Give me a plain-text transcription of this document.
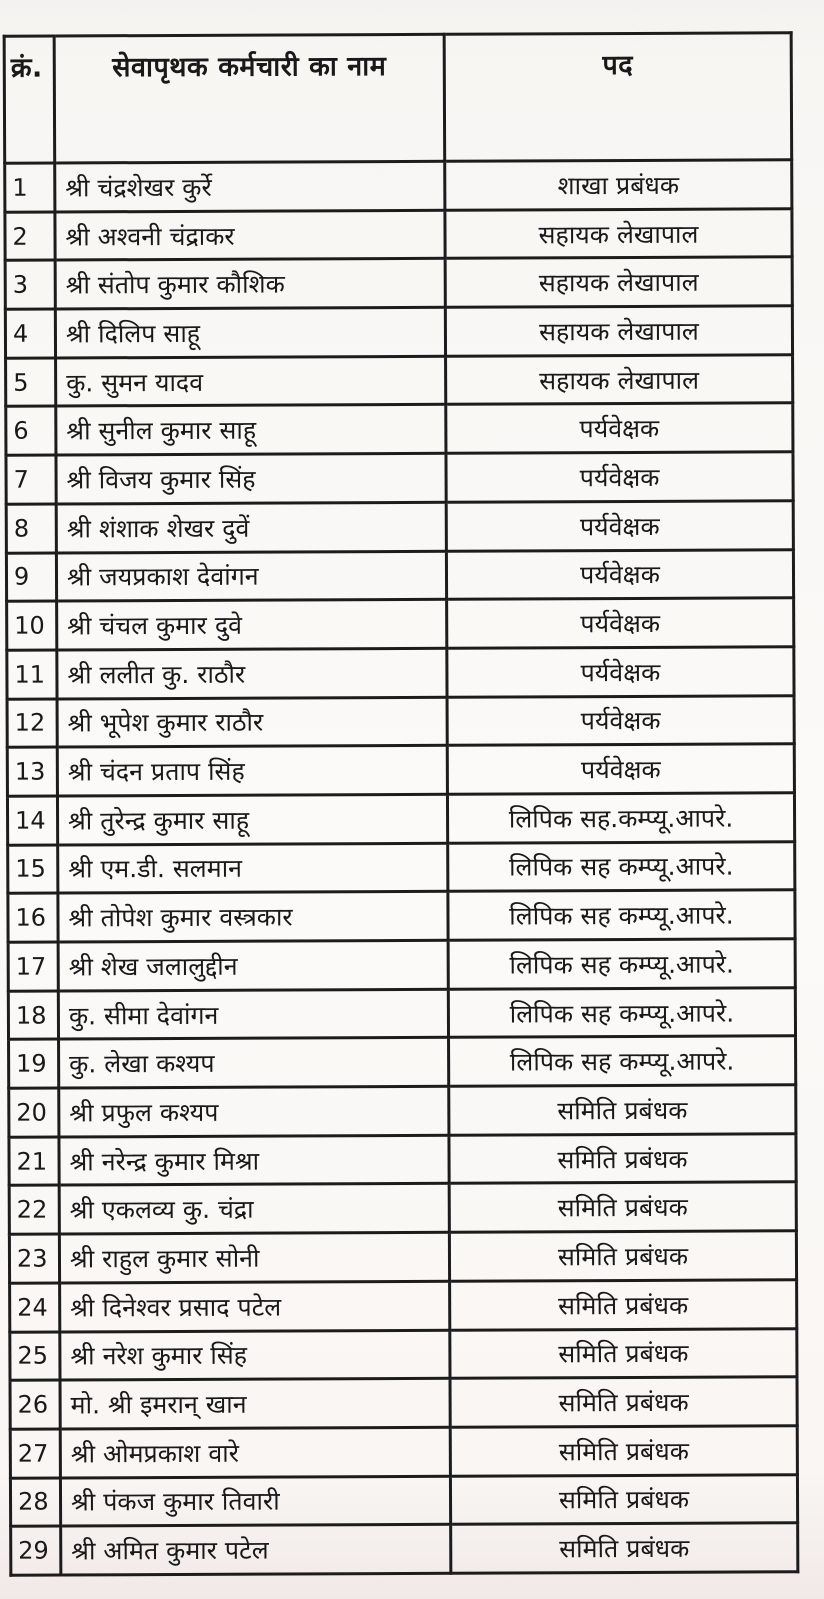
क्रं.	सेवापृथक कर्मचारी का नाम	पद
1	श्री चंद्रशेखर कुर्रे	शाखा प्रबंधक
2	श्री अश्वनी चंद्राकर	सहायक लेखापाल
3	श्री संतोप कुमार कौशिक	सहायक लेखापाल
4	श्री दिलिप साहू	सहायक लेखापाल
5	कु. सुमन यादव	सहायक लेखापाल
6	श्री सुनील कुमार साहू	पर्यवेक्षक
7	श्री विजय कुमार सिंह	पर्यवेक्षक
8	श्री शंशाक शेखर दुवें	पर्यवेक्षक
9	श्री जयप्रकाश देवांगन	पर्यवेक्षक
10	श्री चंचल कुमार दुवे	पर्यवेक्षक
11	श्री ललीत कु. राठौर	पर्यवेक्षक
12	श्री भूपेश कुमार राठौर	पर्यवेक्षक
13	श्री चंदन प्रताप सिंह	पर्यवेक्षक
14	श्री तुरेन्द्र कुमार साहू	लिपिक सह.कम्प्यू.आपरे.
15	श्री एम.डी. सलमान	लिपिक सह कम्प्यू.आपरे.
16	श्री तोपेश कुमार वस्त्रकार	लिपिक सह कम्प्यू.आपरे.
17	श्री शेख जलालुद्दीन	लिपिक सह कम्प्यू.आपरे.
18	कु. सीमा देवांगन	लिपिक सह कम्प्यू.आपरे.
19	कु. लेखा कश्यप	लिपिक सह कम्प्यू.आपरे.
20	श्री प्रफुल कश्यप	समिति प्रबंधक
21	श्री नरेन्द्र कुमार मिश्रा	समिति प्रबंधक
22	श्री एकलव्य कु. चंद्रा	समिति प्रबंधक
23	श्री राहुल कुमार सोनी	समिति प्रबंधक
24	श्री दिनेश्वर प्रसाद पटेल	समिति प्रबंधक
25	श्री नरेश कुमार सिंह	समिति प्रबंधक
26	मो. श्री इमरान् खान	समिति प्रबंधक
27	श्री ओमप्रकाश वारे	समिति प्रबंधक
28	श्री पंकज कुमार तिवारी	समिति प्रबंधक
29	श्री अमित कुमार पटेल	समिति प्रबंधक
